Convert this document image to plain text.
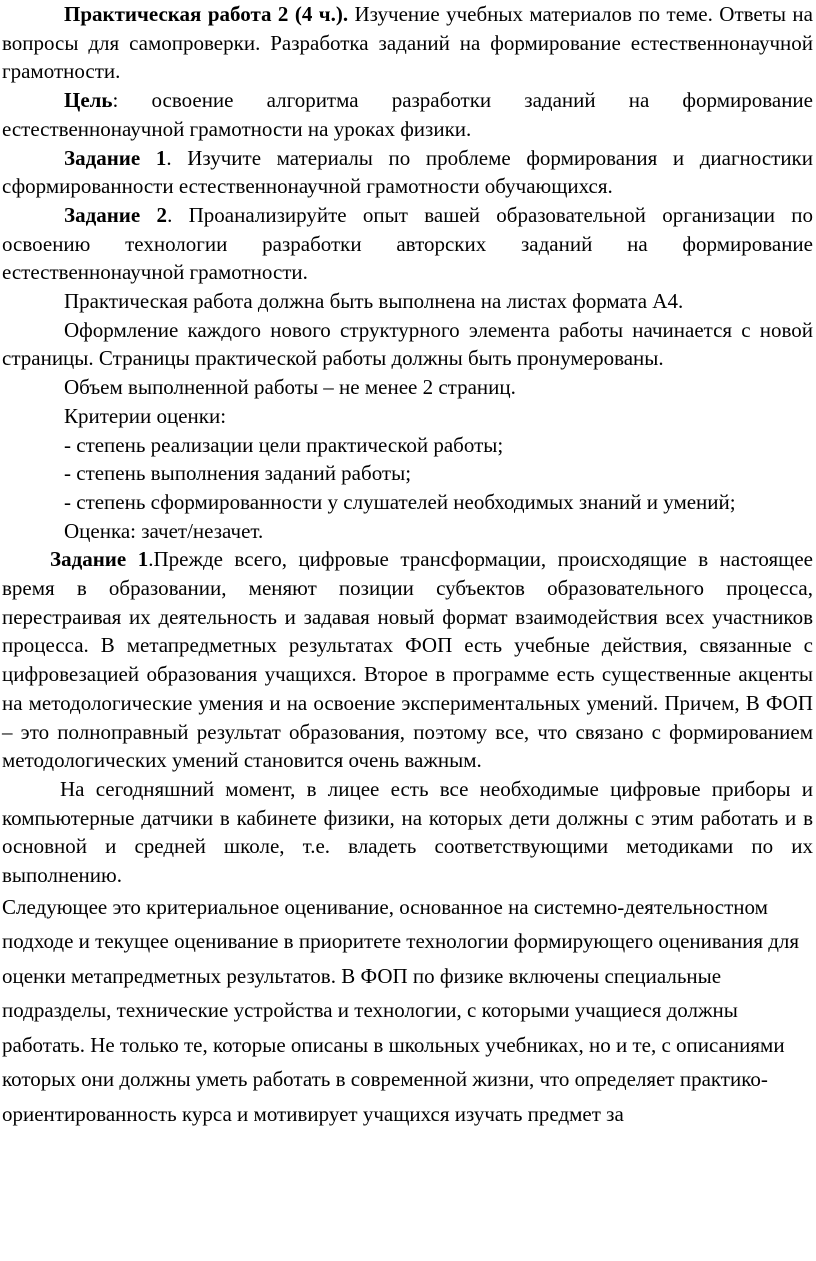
Практическая работа 2 (4 ч.). Изучение учебных материалов по теме. Ответы на вопросы для самопроверки. Разработка заданий на формирование естественнонаучной грамотности.

Цель: освоение алгоритма разработки заданий на формирование естественнонаучной грамотности на уроках физики.

Задание 1. Изучите материалы по проблеме формирования и диагностики сформированности естественнонаучной грамотности обучающихся.

Задание 2. Проанализируйте опыт вашей образовательной организации по освоению технологии разработки авторских заданий на формирование естественнонаучной грамотности.

Практическая работа должна быть выполнена на листах формата А4.

Оформление каждого нового структурного элемента работы начинается с новой страницы. Страницы практической работы должны быть пронумерованы.

Объем выполненной работы – не менее 2 страниц.

Критерии оценки:

- степень реализации цели практической работы;

- степень выполнения заданий работы;

- степень сформированности у слушателей необходимых знаний и умений;

Оценка: зачет/незачет.

Задание 1.Прежде всего, цифровые трансформации, происходящие в настоящее время в образовании, меняют позиции субъектов образовательного процесса, перестраивая их деятельность и задавая новый формат взаимодействия всех участников процесса. В метапредметных результатах ФОП есть учебные действия, связанные с цифровезацией образования учащихся. Второе в программе есть существенные акценты на методологические умения и на освоение экспериментальных умений. Причем, В ФОП – это полноправный результат образования, поэтому все, что связано с формированием методологических умений становится очень важным.

На сегодняшний момент, в лицее есть все необходимые цифровые приборы и компьютерные датчики в кабинете физики, на которых дети должны с этим работать и в основной и средней школе, т.е. владеть соответствующими методиками по их выполнению.

Следующее это критериальное оценивание, основанное на системно-деятельностном подходе и текущее оценивание в приоритете технологии формирующего оценивания для оценки метапредметных результатов. В ФОП по физике включены специальные подразделы, технические устройства и технологии, с которыми учащиеся должны работать. Не только те, которые описаны в школьных учебниках, но и те, с описаниями которых они должны уметь работать в современной жизни, что определяет практико-ориентированность курса и мотивирует учащихся изучать предмет за
